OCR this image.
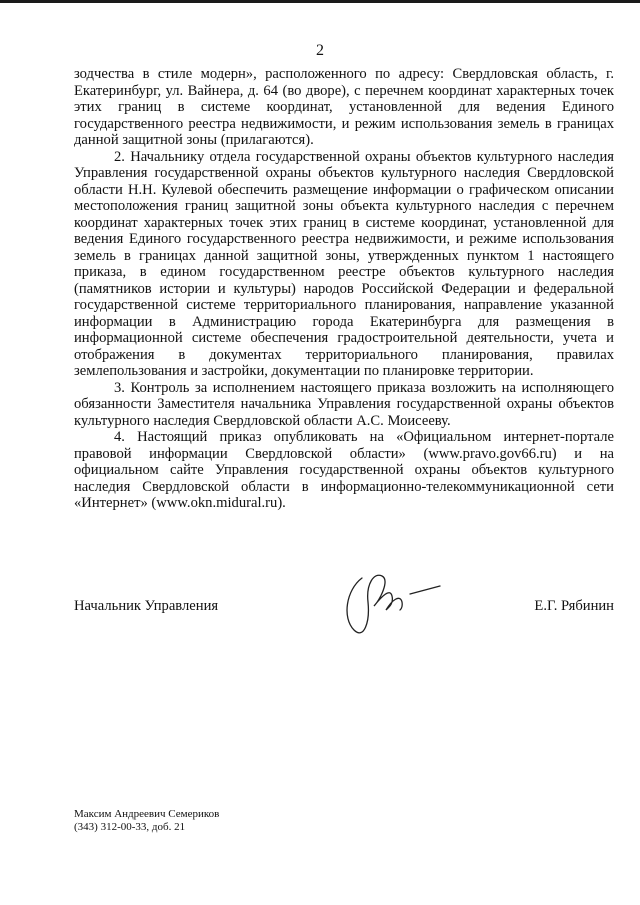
2

зодчества в стиле модерн», расположенного по адресу: Свердловская область, г. Екатеринбург, ул. Вайнера, д. 64 (во дворе), с перечнем координат характерных точек этих границ в системе координат, установленной для ведения Единого государственного реестра недвижимости, и режим использования земель в границах данной защитной зоны (прилагаются).

2. Начальнику отдела государственной охраны объектов культурного наследия Управления государственной охраны объектов культурного наследия Свердловской области Н.Н. Кулевой обеспечить размещение информации о графическом описании местоположения границ защитной зоны объекта культурного наследия с перечнем координат характерных точек этих границ в системе координат, установленной для ведения Единого государственного реестра недвижимости, и режиме использования земель в границах данной защитной зоны, утвержденных пунктом 1 настоящего приказа, в едином государственном реестре объектов культурного наследия (памятников истории и культуры) народов Российской Федерации и федеральной государственной системе территориального планирования, направление указанной информации в Администрацию города Екатеринбурга для размещения в информационной системе обеспечения градостроительной деятельности, учета и отображения в документах территориального планирования, правилах землепользования и застройки, документации по планировке территории.

3. Контроль за исполнением настоящего приказа возложить на исполняющего обязанности Заместителя начальника Управления государственной охраны объектов культурного наследия Свердловской области А.С. Моисееву.

4. Настоящий приказ опубликовать на «Официальном интернет-портале правовой информации Свердловской области» (www.pravo.gov66.ru) и на официальном сайте Управления государственной охраны объектов культурного наследия Свердловской области в информационно-телекоммуникационной сети «Интернет» (www.okn.midural.ru).

Начальник Управления	Е.Г. Рябинин
Максим Андреевич Семериков
(343) 312-00-33, доб. 21
